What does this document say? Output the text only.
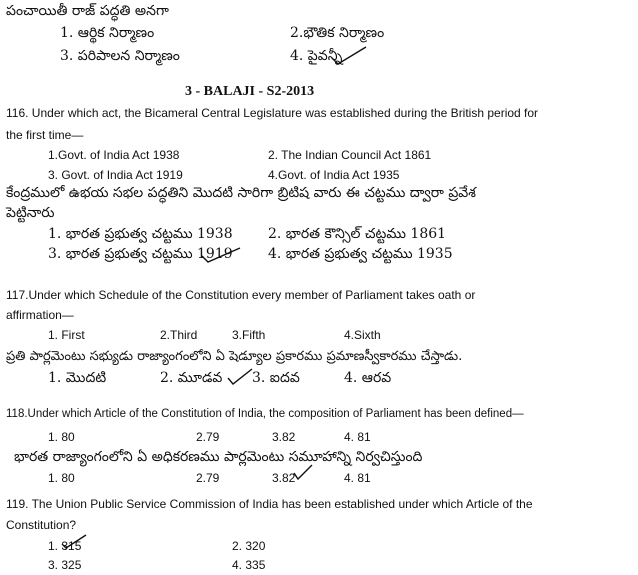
పంచాయితీ రాజ్ పద్ధతి అనగా
1. ఆర్థిక నిర్మాణం	2.భౌతిక నిర్మాణం
3. పరిపాలన నిర్మాణం	4. పైవన్నీ
3 - BALAJI - S2-2013
116. Under which act, the Bicameral Central Legislature was established during the British period for
the first time—
1.Govt. of India Act 1938	2. The Indian Council Act 1861
3. Govt. of India Act 1919	4.Govt. of India Act 1935
కేంద్రములో ఉభయ సభల పద్ధతిని మొదటి సారిగా బ్రిటిష వారు ఈ చట్టము ద్వారా ప్రవేశ
పెట్టినారు
1. భారత ప్రభుత్వ చట్టము 1938	2. భారత కౌన్సిల్ చట్టము 1861
3. భారత ప్రభుత్వ చట్టము 1919	4. భారత ప్రభుత్వ చట్టము 1935
117.Under which Schedule of the Constitution every member of Parliament takes oath or
affirmation—
1. First	2.Third	3.Fifth	4.Sixth
ప్రతి పార్లమెంటు సభ్యుడు రాజ్యాంగంలోని ఏ షెడ్యూల ప్రకారము ప్రమాణస్వీకారము చేస్తాడు.
1. మొదటి	2. మూడవ 3. ఐదవ	4. ఆరవ
118.Under which Article of the Constitution of India, the composition of Parliament has been defined—
1. 80	2.79	3.82	4. 81
భారత రాజ్యాంగంలోని ఏ అధికరణము పార్లమెంటు సమూహాన్ని నిర్వచిస్తుంది
1. 80	2.79	3.82	4. 81
119. The Union Public Service Commission of India has been established under which Article of the
Constitution?
1. 315	2. 320
3. 325	4. 335
